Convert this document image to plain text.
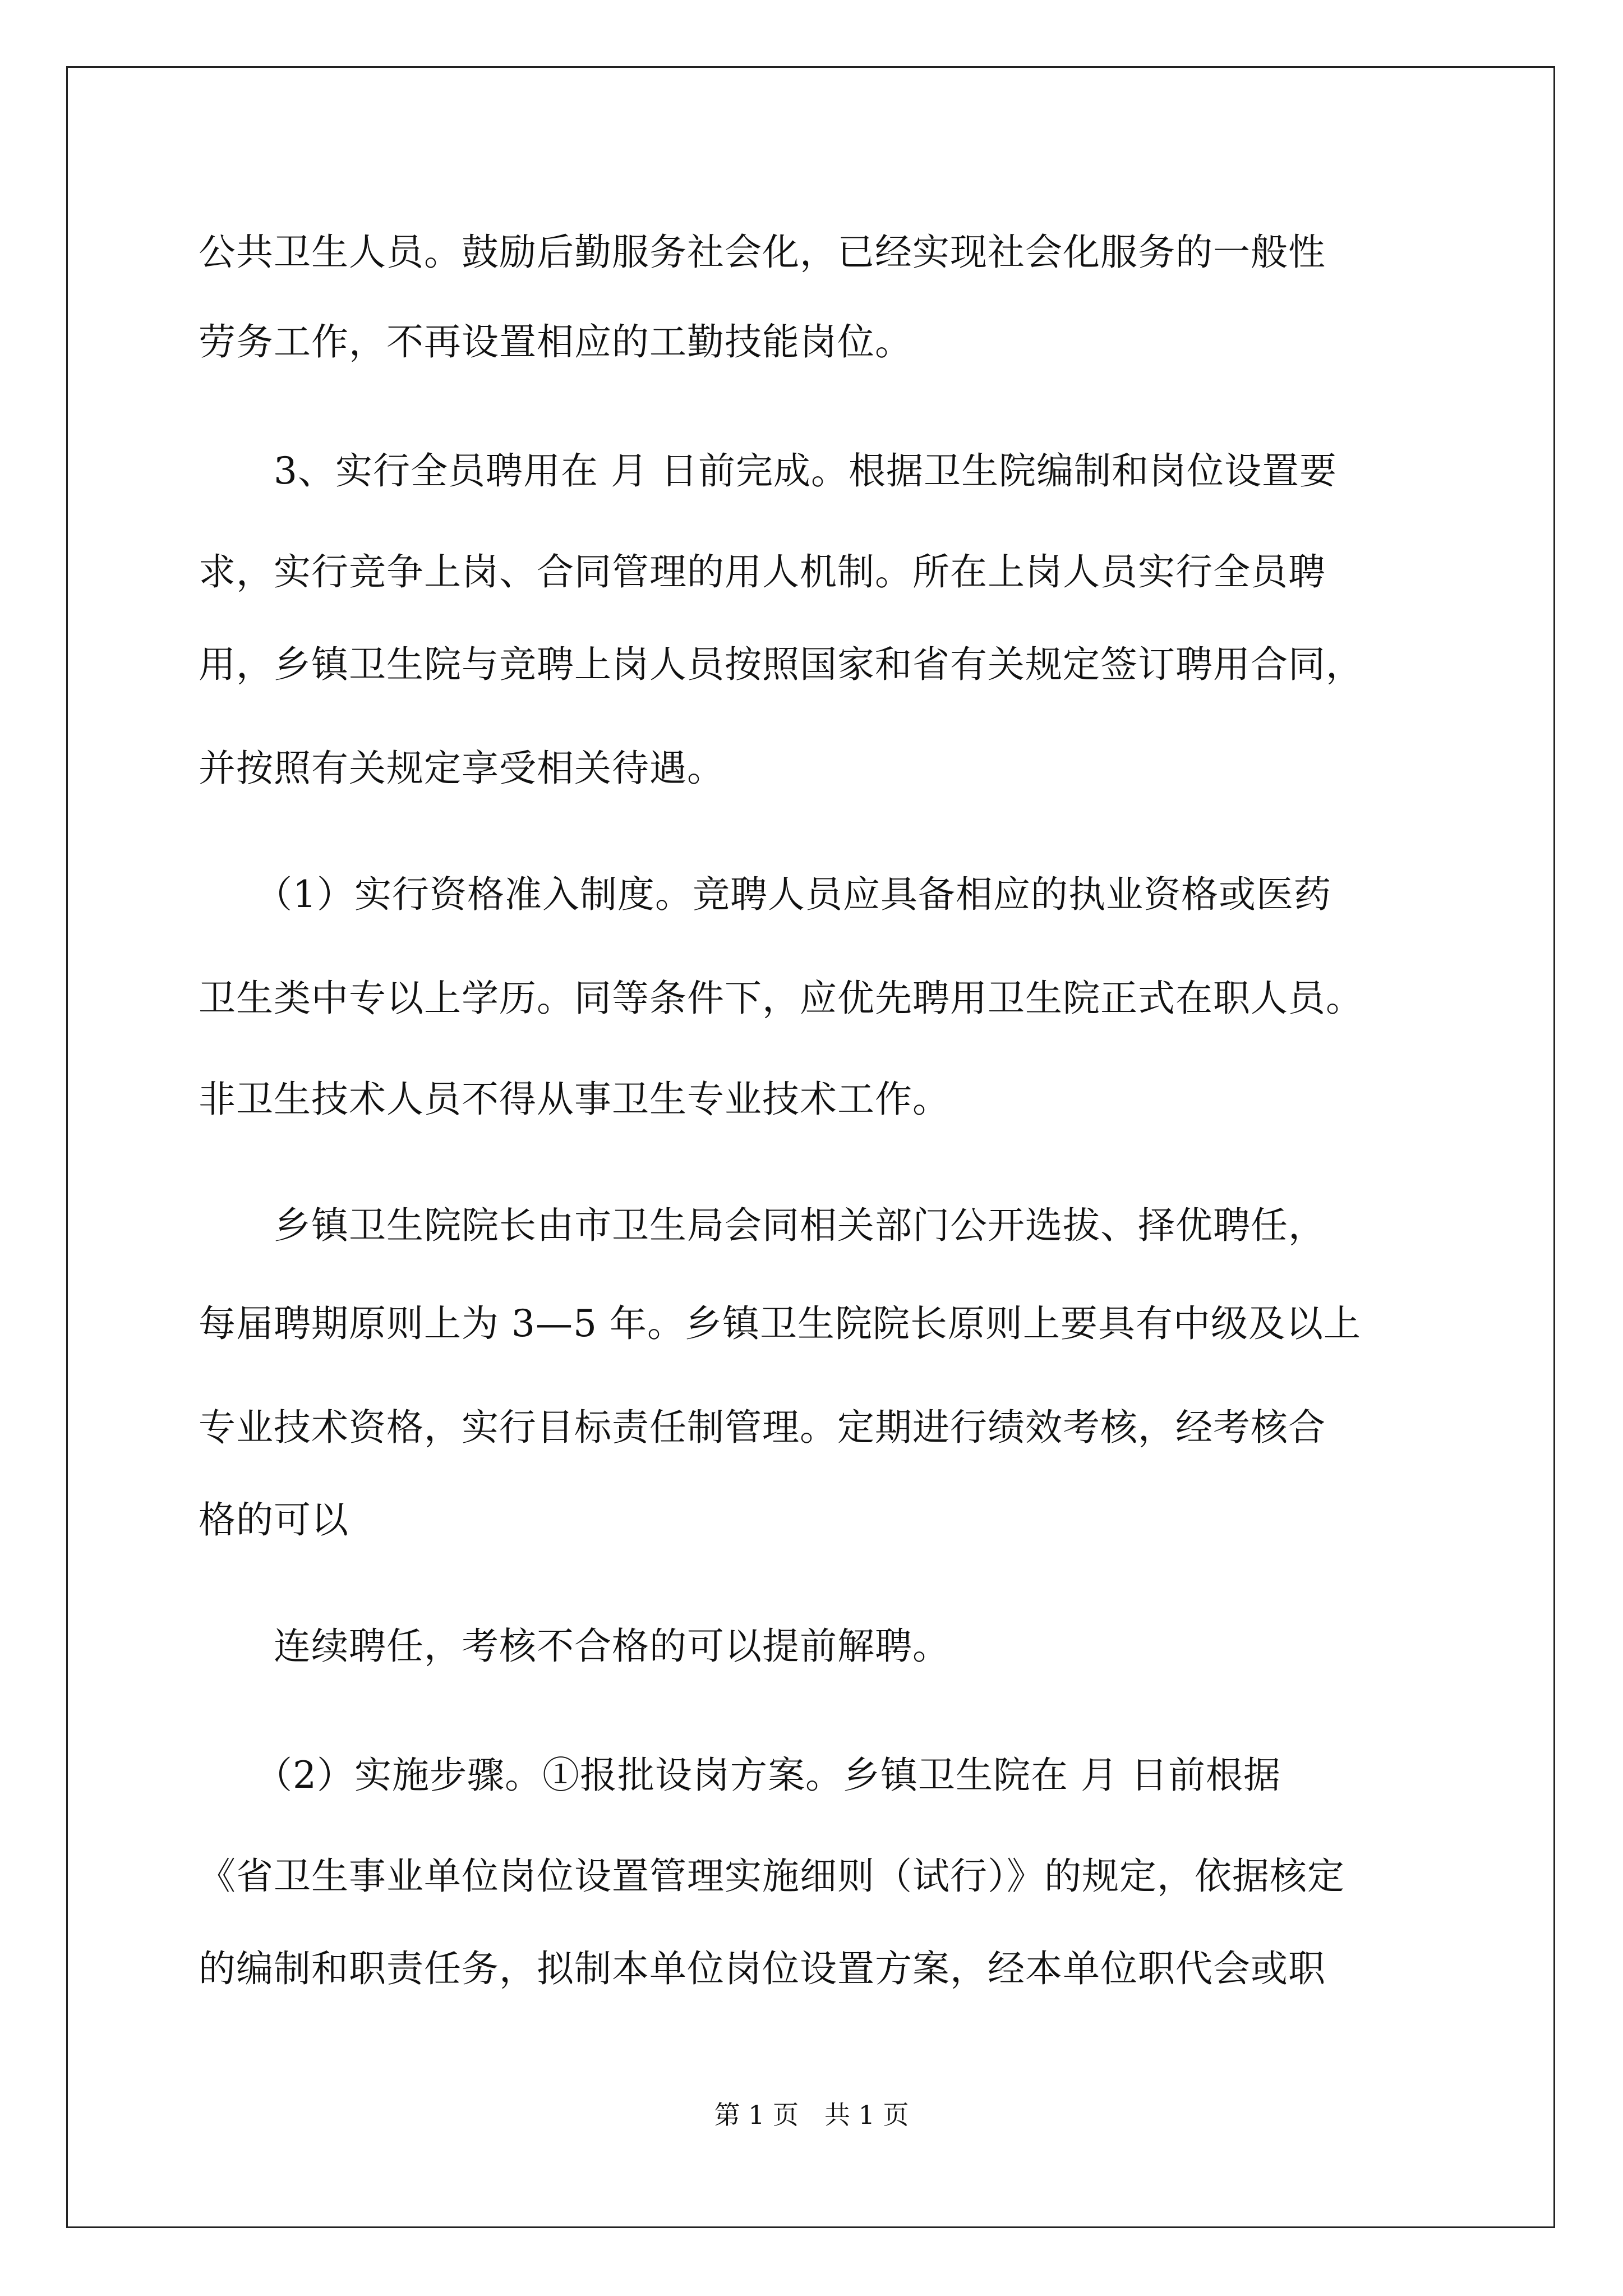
公共卫生人员。鼓励后勤服务社会化，已经实现社会化服务的一般性
劳务工作，不再设置相应的工勤技能岗位。
　　3、实行全员聘用在 月 日前完成。根据卫生院编制和岗位设置要
求，实行竞争上岗、合同管理的用人机制。所在上岗人员实行全员聘
用，乡镇卫生院与竞聘上岗人员按照国家和省有关规定签订聘用合同，
并按照有关规定享受相关待遇。
　　（1）实行资格准入制度。竞聘人员应具备相应的执业资格或医药
卫生类中专以上学历。同等条件下，应优先聘用卫生院正式在职人员。
非卫生技术人员不得从事卫生专业技术工作。
　　乡镇卫生院院长由市卫生局会同相关部门公开选拔、择优聘任，
每届聘期原则上为 3—5 年。乡镇卫生院院长原则上要具有中级及以上
专业技术资格，实行目标责任制管理。定期进行绩效考核，经考核合
格的可以
　　连续聘任，考核不合格的可以提前解聘。
　　（2）实施步骤。①报批设岗方案。乡镇卫生院在 月 日前根据
《省卫生事业单位岗位设置管理实施细则（试行）》的规定，依据核定
的编制和职责任务，拟制本单位岗位设置方案，经本单位职代会或职
第 1 页　共 1 页
